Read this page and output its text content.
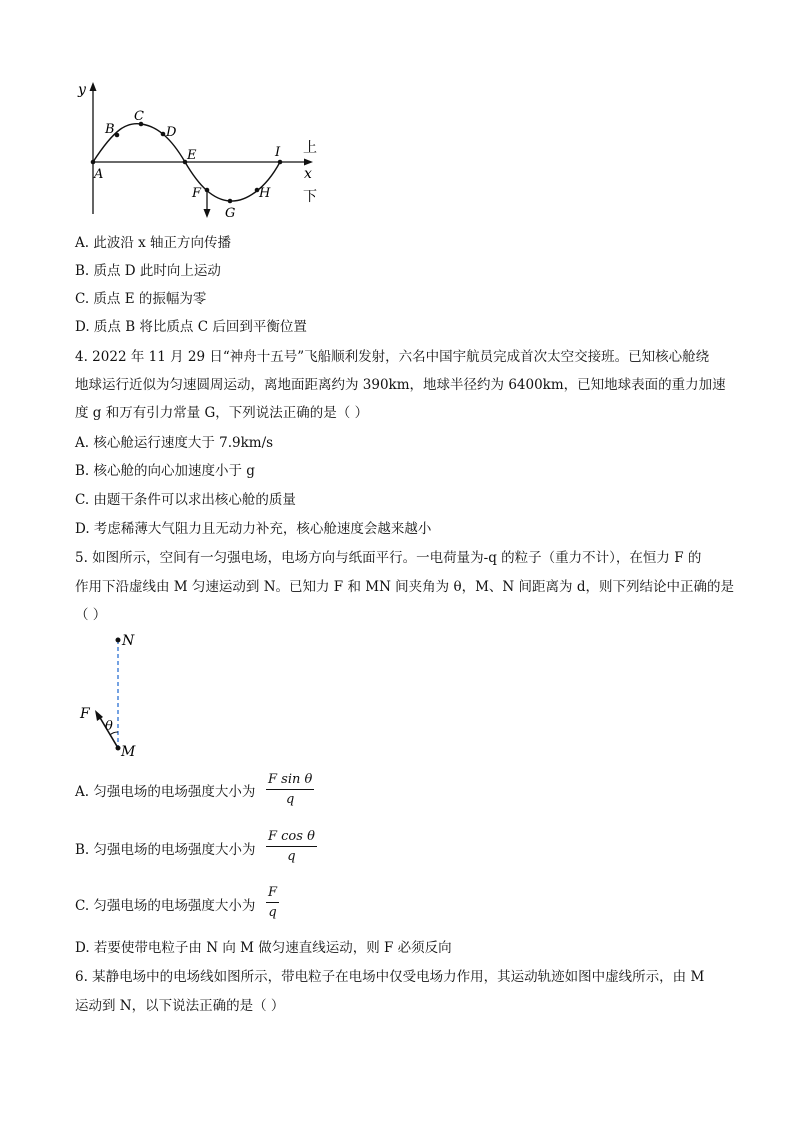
y
x
A
B
C
D
E
F
G
H
I 上
下
A. 此波沿 x 轴正方向传播
B. 质点 D 此时向上运动
C. 质点 E 的振幅为零
D. 质点 B 将比质点 C 后回到平衡位置
4. 2022 年 11 月 29 日“神舟十五号”飞船顺利发射，六名中国宇航员完成首次太空交接班。已知核心舱绕
地球运行近似为匀速圆周运动，离地面距离约为 390km，地球半径约为 6400km，已知地球表面的重力加速
度 g 和万有引力常量 G，下列说法正确的是（ ）
A. 核心舱运行速度大于 7.9km/s
B. 核心舱的向心加速度小于 g
C. 由题干条件可以求出核心舱的质量
D. 考虑稀薄大气阻力且无动力补充，核心舱速度会越来越小
5. 如图所示，空间有一匀强电场，电场方向与纸面平行。一电荷量为-q 的粒子（重力不计），在恒力 F 的
作用下沿虚线由 M 匀速运动到 N。已知力 F 和 MN 间夹角为 θ，M、N 间距离为 d，则下列结论中正确的是
（ ）
N
M
F
θ
A. 匀强电场的电场强度大小为 $\frac{\text{F sin θ}}{q}$
B. 匀强电场的电场强度大小为 $\frac{\text{F cos θ}}{q}$
C. 匀强电场的电场强度大小为 $\frac{F}{q}$
D. 若要使带电粒子由 N 向 M 做匀速直线运动，则 F 必须反向
6. 某静电场中的电场线如图所示，带电粒子在电场中仅受电场力作用，其运动轨迹如图中虚线所示，由 M
运动到 N，以下说法正确的是（ ）
